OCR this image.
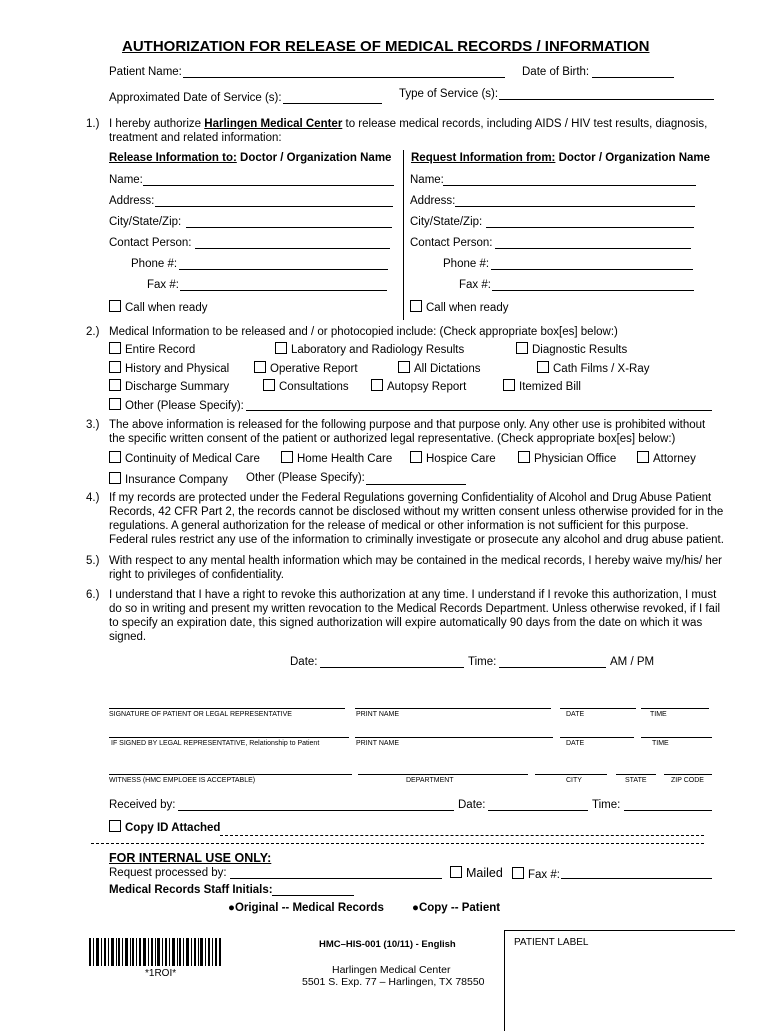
AUTHORIZATION FOR RELEASE OF MEDICAL RECORDS / INFORMATION
Patient Name:	Date of Birth:
Approximated Date of Service (s):	Type of Service (s):
1.) I hereby authorize Harlingen Medical Center to release medical records, including AIDS / HIV test results, diagnosis,
treatment and related information:
Release Information to: Doctor / Organization Name Request Information from: Doctor / Organization Name
Name:
Address:
City/State/Zip:
Contact Person:
Phone #:
Fax #:
Call when ready
Name:
Address:
City/State/Zip:
Contact Person:
Phone #:
Fax #:
Call when ready
2.) Medical Information to be released and / or photocopied include: (Check appropriate box[es] below:)
Entire Record	Laboratory and Radiology Results	Diagnostic Results
History and Physical	Operative Report	All Dictations	Cath Films / X-Ray
Discharge Summary	Consultations	Autopsy Report	Itemized Bill
Other (Please Specify):
3.) The above information is released for the following purpose and that purpose only. Any other use is prohibited without
the specific written consent of the patient or authorized legal representative. (Check appropriate box[es] below:)
Continuity of Medical Care	Home Health Care	Hospice Care	Physician Office	Attorney
Insurance Company Other (Please Specify):
4.) If my records are protected under the Federal Regulations governing Confidentiality of Alcohol and Drug Abuse Patient
Records, 42 CFR Part 2, the records cannot be disclosed without my written consent unless otherwise provided for in the
regulations. A general authorization for the release of medical or other information is not sufficient for this purpose.
Federal rules restrict any use of the information to criminally investigate or prosecute any alcohol and drug abuse patient.
5.) With respect to any mental health information which may be contained in the medical records, I hereby waive my/his/ her
right to privileges of confidentiality.
6.) I understand that I have a right to revoke this authorization at any time. I understand if I revoke this authorization, I must
do so in writing and present my written revocation to the Medical Records Department. Unless otherwise revoked, if I fail
to specify an expiration date, this signed authorization will expire automatically 90 days from the date on which it was
signed.
Date:	Time:	AM / PM
SIGNATURE OF PATIENT OR LEGAL REPRESENTATIVE	PRINT NAME	DATE	TIME
IF SIGNED BY LEGAL REPRESENTATIVE, Relationship to Patient	PRINT NAME	DATE	TIME
WITNESS (HMC EMPLOEE IS ACCEPTABLE)	DEPARTMENT	CITY	STATE	ZIP CODE
Received by:	Date:	Time:
Copy ID Attached
FOR INTERNAL USE ONLY:
Request processed by:	Mailed	Fax #:
Medical Records Staff Initials:
●Original -- Medical Records ●Copy -- Patient
*1ROI*
HMC–HIS-001 (10/11) - English
Harlingen Medical Center
5501 S. Exp. 77 – Harlingen, TX 78550
PATIENT LABEL
